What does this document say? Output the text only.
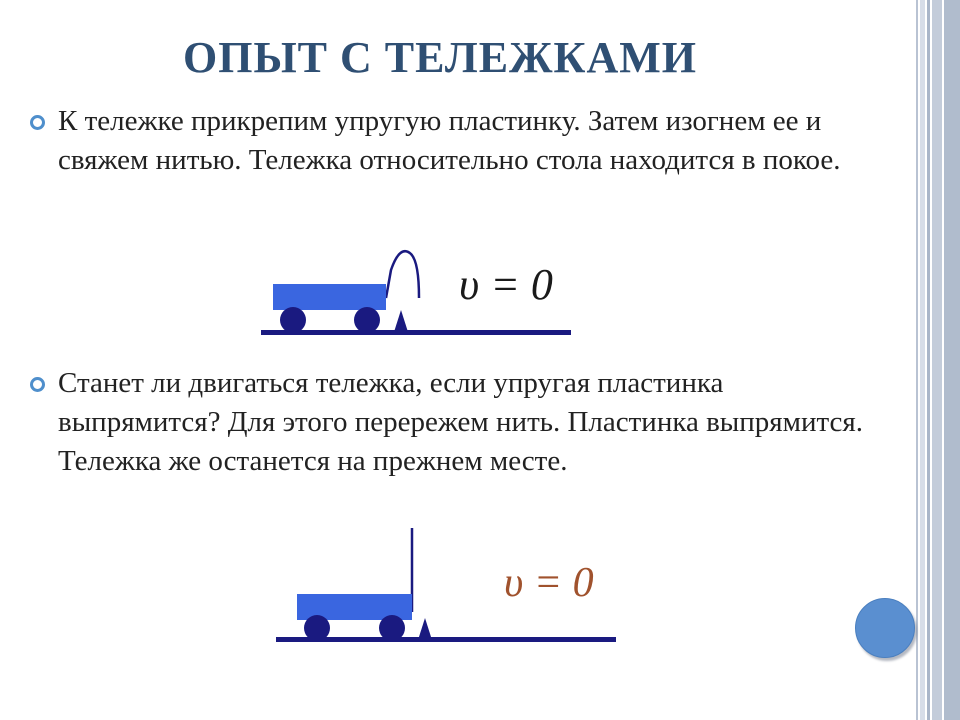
ОПЫТ С ТЕЛЕЖКАМИ
К тележке прикрепим упругую пластинку. Затем изогнем ее и свяжем нитью. Тележка относительно стола находится в покое.
υ = 0
Станет ли двигаться тележка, если упругая пластинка выпрямится? Для этого перережем нить. Пластинка выпрямится. Тележка же останется на прежнем месте.
υ = 0
